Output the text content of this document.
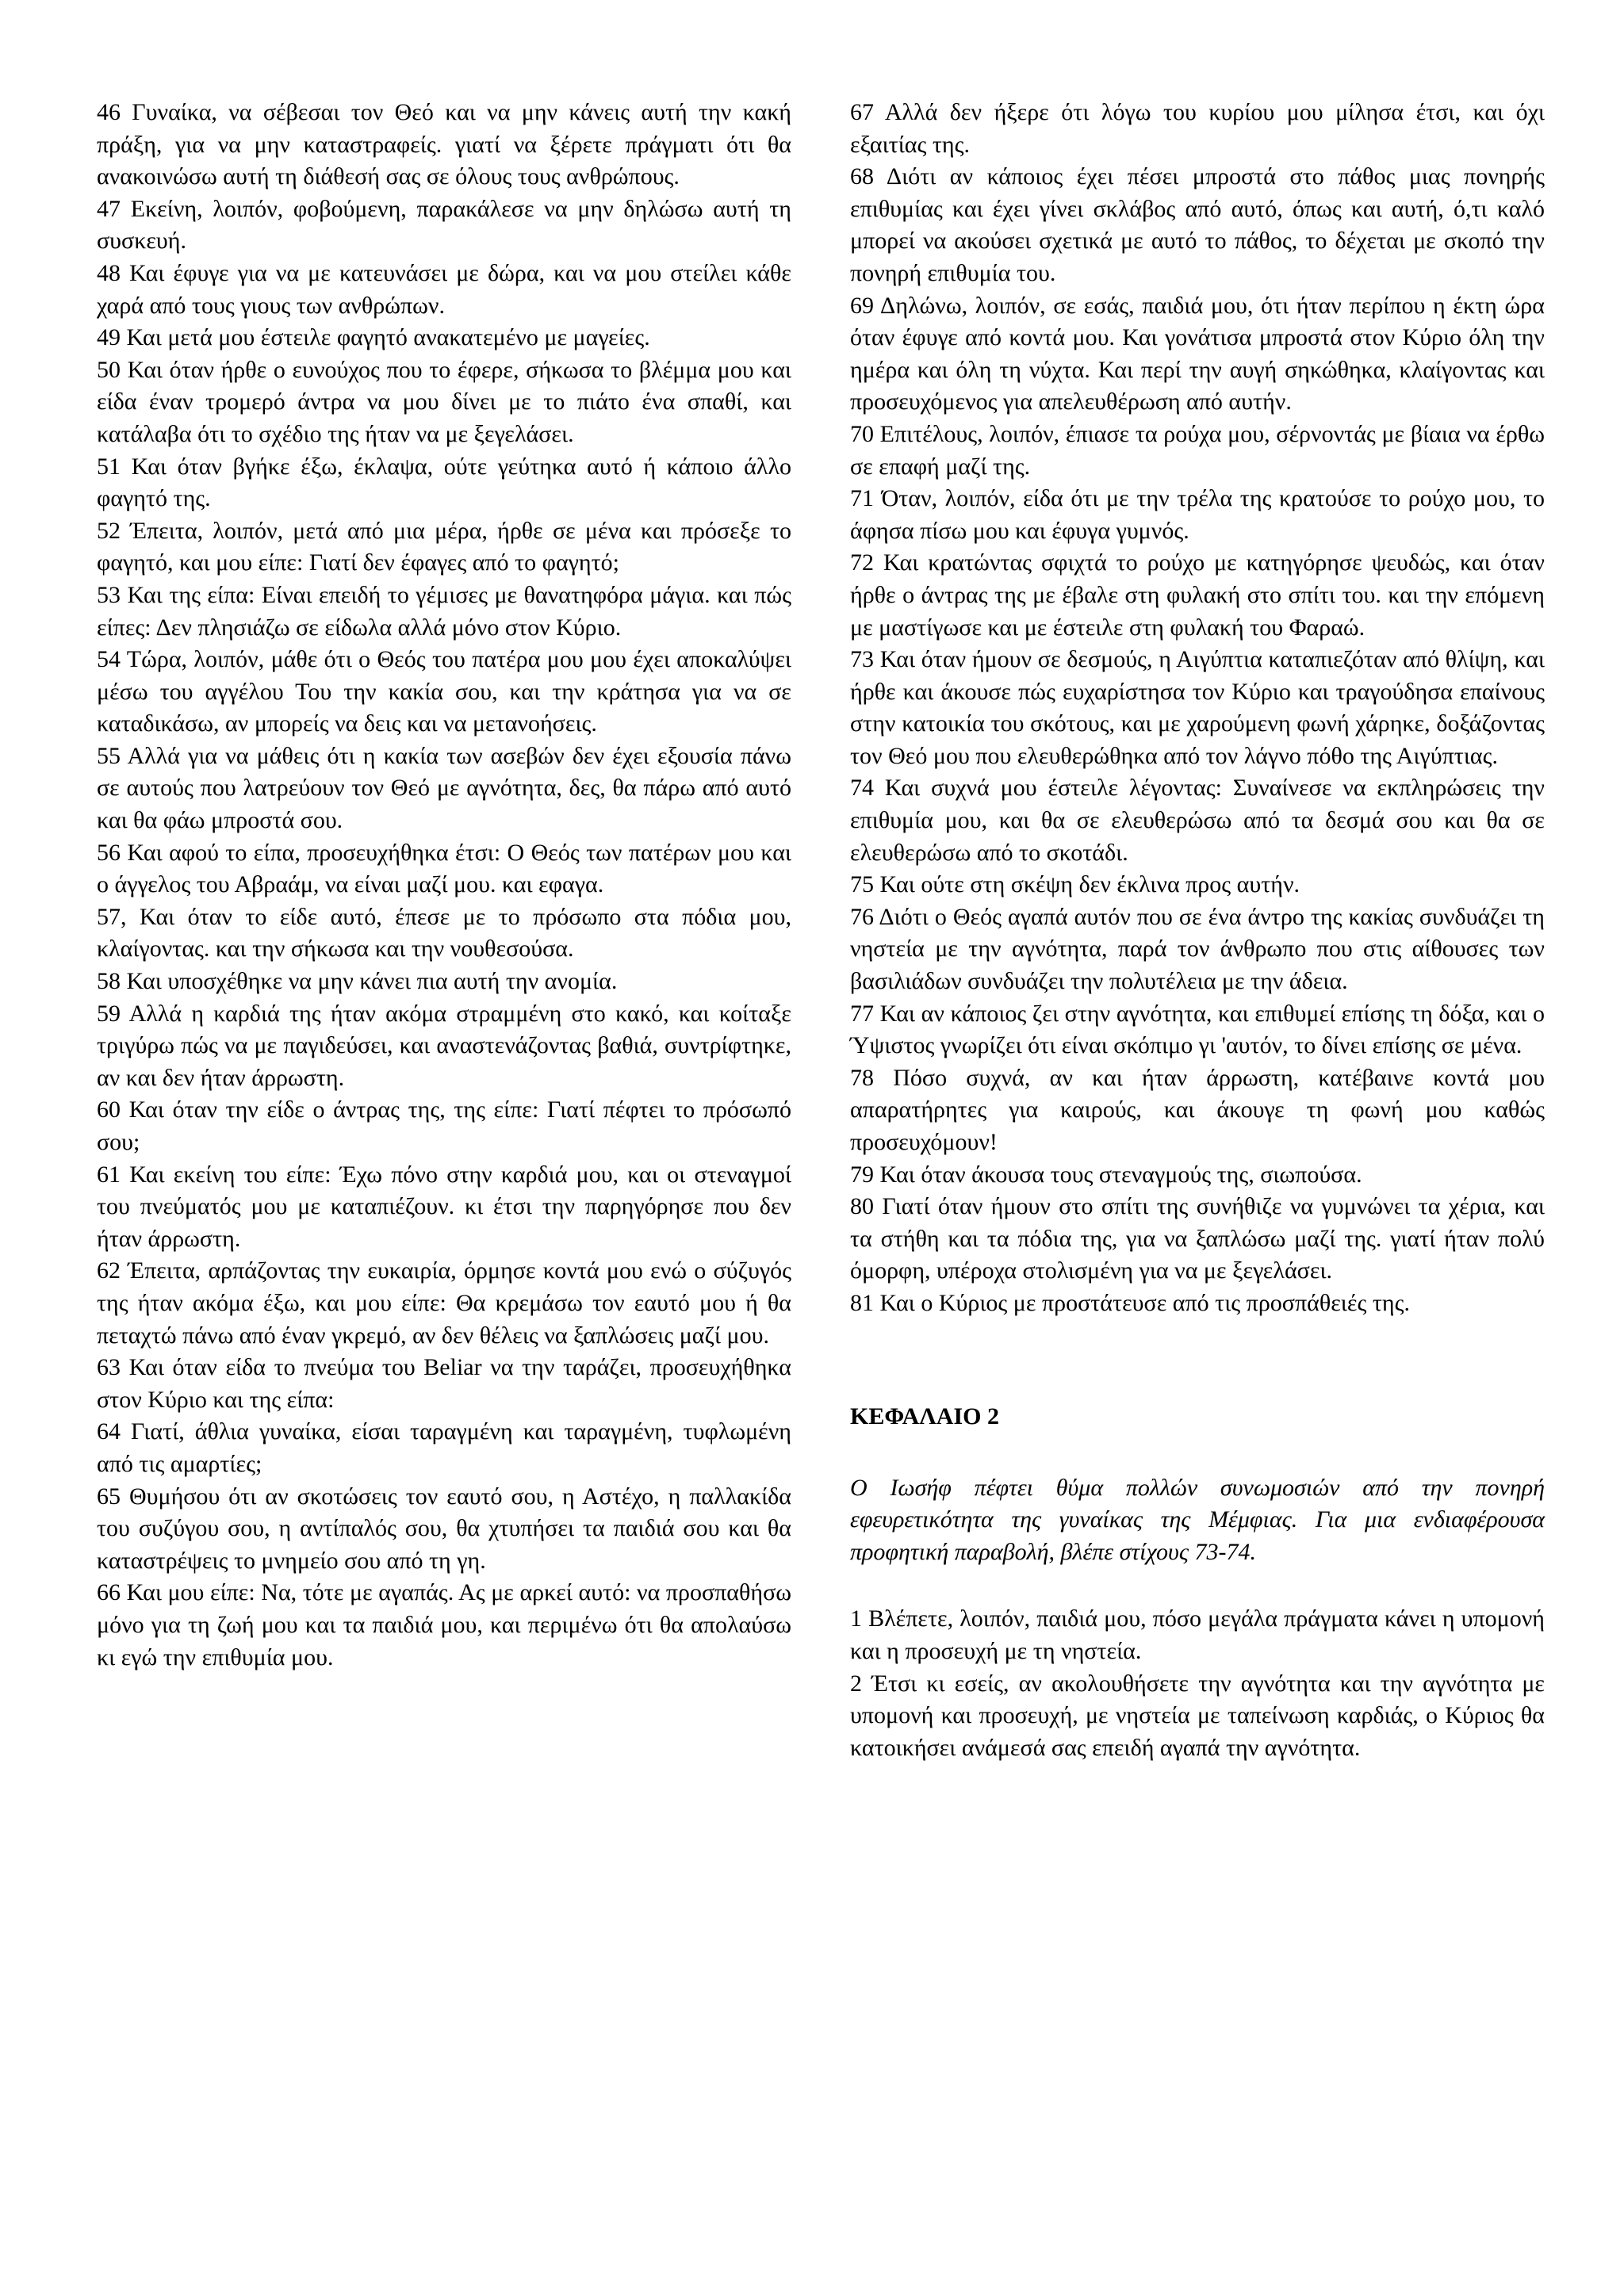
46 Γυναίκα, να σέβεσαι τον Θεό και να μην κάνεις αυτή την κακή πράξη, για να μην καταστραφείς. γιατί να ξέρετε πράγματι ότι θα ανακοινώσω αυτή τη διάθεσή σας σε όλους τους ανθρώπους.

47 Εκείνη, λοιπόν, φοβούμενη, παρακάλεσε να μην δηλώσω αυτή τη συσκευή.

48 Και έφυγε για να με κατευνάσει με δώρα, και να μου στείλει κάθε χαρά από τους γιους των ανθρώπων.

49 Και μετά μου έστειλε φαγητό ανακατεμένο με μαγείες.

50 Και όταν ήρθε ο ευνούχος που το έφερε, σήκωσα το βλέμμα μου και είδα έναν τρομερό άντρα να μου δίνει με το πιάτο ένα σπαθί, και κατάλαβα ότι το σχέδιο της ήταν να με ξεγελάσει.

51 Και όταν βγήκε έξω, έκλαψα, ούτε γεύτηκα αυτό ή κάποιο άλλο φαγητό της.

52 Έπειτα, λοιπόν, μετά από μια μέρα, ήρθε σε μένα και πρόσεξε το φαγητό, και μου είπε: Γιατί δεν έφαγες από το φαγητό;

53 Και της είπα: Είναι επειδή το γέμισες με θανατηφόρα μάγια. και πώς είπες: Δεν πλησιάζω σε είδωλα αλλά μόνο στον Κύριο.

54 Τώρα, λοιπόν, μάθε ότι ο Θεός του πατέρα μου μου έχει αποκαλύψει μέσω του αγγέλου Του την κακία σου, και την κράτησα για να σε καταδικάσω, αν μπορείς να δεις και να μετανοήσεις.

55 Αλλά για να μάθεις ότι η κακία των ασεβών δεν έχει εξουσία πάνω σε αυτούς που λατρεύουν τον Θεό με αγνότητα, δες, θα πάρω από αυτό και θα φάω μπροστά σου.

56 Και αφού το είπα, προσευχήθηκα έτσι: Ο Θεός των πατέρων μου και ο άγγελος του Αβραάμ, να είναι μαζί μου. και εφαγα.

57, Και όταν το είδε αυτό, έπεσε με το πρόσωπο στα πόδια μου, κλαίγοντας. και την σήκωσα και την νουθεσούσα.

58 Και υποσχέθηκε να μην κάνει πια αυτή την ανομία.

59 Αλλά η καρδιά της ήταν ακόμα στραμμένη στο κακό, και κοίταξε τριγύρω πώς να με παγιδεύσει, και αναστενάζοντας βαθιά, συντρίφτηκε, αν και δεν ήταν άρρωστη.

60 Και όταν την είδε ο άντρας της, της είπε: Γιατί πέφτει το πρόσωπό σου;

61 Και εκείνη του είπε: Έχω πόνο στην καρδιά μου, και οι στεναγμοί του πνεύματός μου με καταπιέζουν. κι έτσι την παρηγόρησε που δεν ήταν άρρωστη.

62 Έπειτα, αρπάζοντας την ευκαιρία, όρμησε κοντά μου ενώ ο σύζυγός της ήταν ακόμα έξω, και μου είπε: Θα κρεμάσω τον εαυτό μου ή θα πεταχτώ πάνω από έναν γκρεμό, αν δεν θέλεις να ξαπλώσεις μαζί μου.

63 Και όταν είδα το πνεύμα του Beliar να την ταράζει, προσευχήθηκα στον Κύριο και της είπα:

64 Γιατί, άθλια γυναίκα, είσαι ταραγμένη και ταραγμένη, τυφλωμένη από τις αμαρτίες;

65 Θυμήσου ότι αν σκοτώσεις τον εαυτό σου, η Αστέχο, η παλλακίδα του συζύγου σου, η αντίπαλός σου, θα χτυπήσει τα παιδιά σου και θα καταστρέψεις το μνημείο σου από τη γη.

66 Και μου είπε: Να, τότε με αγαπάς. Ας με αρκεί αυτό: να προσπαθήσω μόνο για τη ζωή μου και τα παιδιά μου, και περιμένω ότι θα απολαύσω κι εγώ την επιθυμία μου.

67 Αλλά δεν ήξερε ότι λόγω του κυρίου μου μίλησα έτσι, και όχι εξαιτίας της.

68 Διότι αν κάποιος έχει πέσει μπροστά στο πάθος μιας πονηρής επιθυμίας και έχει γίνει σκλάβος από αυτό, όπως και αυτή, ό,τι καλό μπορεί να ακούσει σχετικά με αυτό το πάθος, το δέχεται με σκοπό την πονηρή επιθυμία του.

69 Δηλώνω, λοιπόν, σε εσάς, παιδιά μου, ότι ήταν περίπου η έκτη ώρα όταν έφυγε από κοντά μου. Και γονάτισα μπροστά στον Κύριο όλη την ημέρα και όλη τη νύχτα. Και περί την αυγή σηκώθηκα, κλαίγοντας και προσευχόμενος για απελευθέρωση από αυτήν.

70 Επιτέλους, λοιπόν, έπιασε τα ρούχα μου, σέρνοντάς με βίαια να έρθω σε επαφή μαζί της.

71 Όταν, λοιπόν, είδα ότι με την τρέλα της κρατούσε το ρούχο μου, το άφησα πίσω μου και έφυγα γυμνός.

72 Και κρατώντας σφιχτά το ρούχο με κατηγόρησε ψευδώς, και όταν ήρθε ο άντρας της με έβαλε στη φυλακή στο σπίτι του. και την επόμενη με μαστίγωσε και με έστειλε στη φυλακή του Φαραώ.

73 Και όταν ήμουν σε δεσμούς, η Αιγύπτια καταπιεζόταν από θλίψη, και ήρθε και άκουσε πώς ευχαρίστησα τον Κύριο και τραγούδησα επαίνους στην κατοικία του σκότους, και με χαρούμενη φωνή χάρηκε, δοξάζοντας τον Θεό μου που ελευθερώθηκα από τον λάγνο πόθο της Αιγύπτιας.

74 Και συχνά μου έστειλε λέγοντας: Συναίνεσε να εκπληρώσεις την επιθυμία μου, και θα σε ελευθερώσω από τα δεσμά σου και θα σε ελευθερώσω από το σκοτάδι.

75 Και ούτε στη σκέψη δεν έκλινα προς αυτήν.

76 Διότι ο Θεός αγαπά αυτόν που σε ένα άντρο της κακίας συνδυάζει τη νηστεία με την αγνότητα, παρά τον άνθρωπο που στις αίθουσες των βασιλιάδων συνδυάζει την πολυτέλεια με την άδεια.

77 Και αν κάποιος ζει στην αγνότητα, και επιθυμεί επίσης τη δόξα, και ο Ύψιστος γνωρίζει ότι είναι σκόπιμο γι 'αυτόν, το δίνει επίσης σε μένα.

78 Πόσο συχνά, αν και ήταν άρρωστη, κατέβαινε κοντά μου απαρατήρητες για καιρούς, και άκουγε τη φωνή μου καθώς προσευχόμουν!

79 Και όταν άκουσα τους στεναγμούς της, σιωπούσα.

80 Γιατί όταν ήμουν στο σπίτι της συνήθιζε να γυμνώνει τα χέρια, και τα στήθη και τα πόδια της, για να ξαπλώσω μαζί της. γιατί ήταν πολύ όμορφη, υπέροχα στολισμένη για να με ξεγελάσει.

81 Και ο Κύριος με προστάτευσε από τις προσπάθειές της.

ΚΕΦΑΛΑΙΟ 2

Ο Ιωσήφ πέφτει θύμα πολλών συνωμοσιών από την πονηρή εφευρετικότητα της γυναίκας της Μέμφιας. Για μια ενδιαφέρουσα προφητική παραβολή, βλέπε στίχους 73-74.

1 Βλέπετε, λοιπόν, παιδιά μου, πόσο μεγάλα πράγματα κάνει η υπομονή και η προσευχή με τη νηστεία.

2 Έτσι κι εσείς, αν ακολουθήσετε την αγνότητα και την αγνότητα με υπομονή και προσευχή, με νηστεία με ταπείνωση καρδιάς, ο Κύριος θα κατοικήσει ανάμεσά σας επειδή αγαπά την αγνότητα.
